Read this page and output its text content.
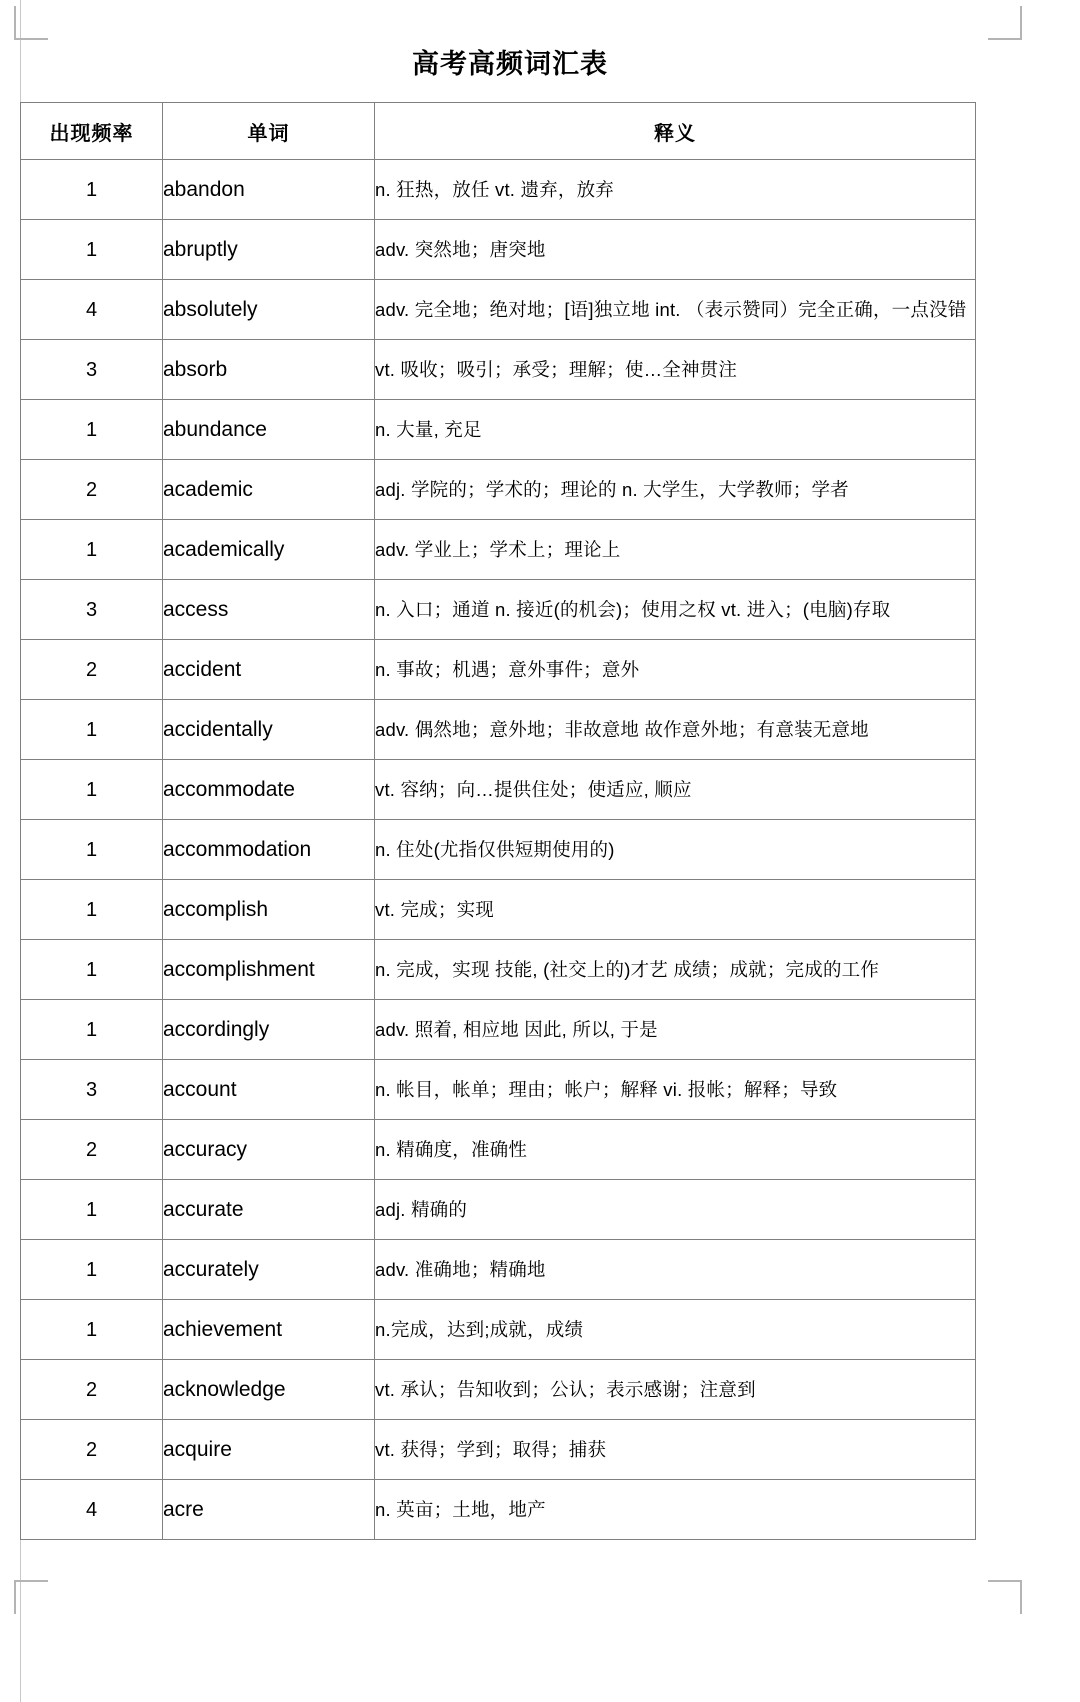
高考高频词汇表
出现频率	单词	释义
1	abandon	n. 狂热，放任 vt. 遗弃，放弃
1	abruptly	adv. 突然地；唐突地
4	absolutely	adv. 完全地；绝对地；[语]独立地 int. （表示赞同）完全正确，一点没错
3	absorb	vt. 吸收；吸引；承受；理解；使…全神贯注
1	abundance	n. 大量, 充足
2	academic	adj. 学院的；学术的；理论的 n. 大学生，大学教师；学者
1	academically	adv. 学业上；学术上；理论上
3	access	n. 入口；通道 n. 接近(的机会)；使用之权 vt. 进入；(电脑)存取
2	accident	n. 事故；机遇；意外事件；意外
1	accidentally	adv. 偶然地；意外地；非故意地 故作意外地；有意装无意地
1	accommodate	vt. 容纳；向…提供住处；使适应, 顺应
1	accommodation	n. 住处(尤指仅供短期使用的)
1	accomplish	vt. 完成；实现
1	accomplishment	n. 完成，实现 技能, (社交上的)才艺 成绩；成就；完成的工作
1	accordingly	adv. 照着, 相应地 因此, 所以, 于是
3	account	n. 帐目，帐单；理由；帐户；解释 vi. 报帐；解释；导致
2	accuracy	n. 精确度，准确性
1	accurate	adj. 精确的
1	accurately	adv. 准确地；精确地
1	achievement	n.完成，达到;成就，成绩
2	acknowledge	vt. 承认；告知收到；公认；表示感谢；注意到
2	acquire	vt. 获得；学到；取得；捕获
4	acre	n. 英亩；土地，地产
